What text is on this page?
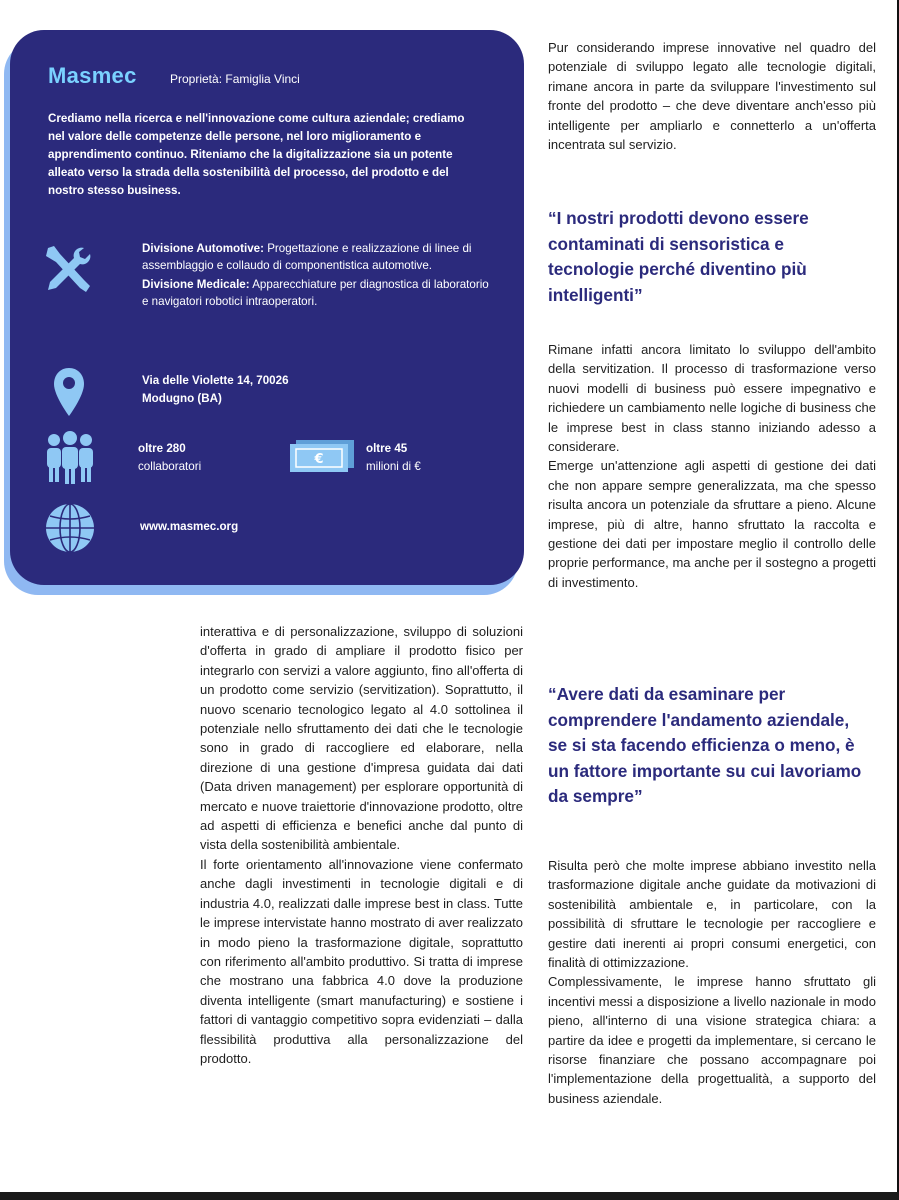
Masmec	Proprietà: Famiglia Vinci
Crediamo nella ricerca e nell'innovazione come cultura aziendale; crediamo nel valore delle competenze delle persone, nel loro miglioramento e apprendimento continuo. Riteniamo che la digitalizzazione sia un potente alleato verso la strada della sostenibilità del processo, del prodotto e del nostro stesso business.

Divisione Automotive: Progettazione e realizzazione di linee di assemblaggio e collaudo di componentistica automotive.

Divisione Medicale: Apparecchiature per diagnostica di laboratorio e navigatori robotici intraoperatori.

Via delle Violette 14, 70026
Modugno (BA)
oltre 280
collaboratori	€
oltre 45
milioni di €
www.masmec.org

interattiva e di personalizzazione, sviluppo di soluzioni d'offerta in grado di ampliare il prodotto fisico per integrarlo con servizi a valore aggiunto, fino all'offerta di un prodotto come servizio (servitization). Soprattutto, il nuovo scenario tecnologico legato al 4.0 sottolinea il potenziale nello sfruttamento dei dati che le tecnologie sono in grado di raccogliere ed elaborare, nella direzione di una gestione d'impresa guidata dai dati (Data driven management) per esplorare opportunità di mercato e nuove traiettorie d'innovazione prodotto, oltre ad aspetti di efficienza e benefici anche dal punto di vista della sostenibilità ambientale.

Il forte orientamento all'innovazione viene confermato anche dagli investimenti in tecnologie digitali e di industria 4.0, realizzati dalle imprese best in class. Tutte le imprese intervistate hanno mostrato di aver realizzato in modo pieno la trasformazione digitale, soprattutto con riferimento all'ambito produttivo. Si tratta di imprese che mostrano una fabbrica 4.0 dove la produzione diventa intelligente (smart manufacturing) e sostiene i fattori di vantaggio competitivo sopra evidenziati – dalla flessibilità produttiva alla personalizzazione del prodotto.

Pur considerando imprese innovative nel quadro del potenziale di sviluppo legato alle tecnologie digitali, rimane ancora in parte da sviluppare l'investimento sul fronte del prodotto – che deve diventare anch'esso più intelligente per ampliarlo e connetterlo a un'offerta incentrata sul servizio.

“I nostri prodotti devono essere contaminati di sensoristica e tecnologie perché diventino più intelligenti”

Rimane infatti ancora limitato lo sviluppo dell'ambito della servitization. Il processo di trasformazione verso nuovi modelli di business può essere impegnativo e richiedere un cambiamento nelle logiche di business che le imprese best in class stanno iniziando adesso a considerare.

Emerge un'attenzione agli aspetti di gestione dei dati che non appare sempre generalizzata, ma che spesso risulta ancora un potenziale da sfruttare a pieno. Alcune imprese, più di altre, hanno sfruttato la raccolta e gestione dei dati per impostare meglio il controllo delle proprie performance, ma anche per il sostegno a progetti di investimento.

“Avere dati da esaminare per comprendere l'andamento aziendale, se si sta facendo efficienza o meno, è un fattore importante su cui lavoriamo da sempre”

Risulta però che molte imprese abbiano investito nella trasformazione digitale anche guidate da motivazioni di sostenibilità ambientale e, in particolare, con la possibilità di sfruttare le tecnologie per raccogliere e gestire dati inerenti ai propri consumi energetici, con finalità di ottimizzazione.

Complessivamente, le imprese hanno sfruttato gli incentivi messi a disposizione a livello nazionale in modo pieno, all'interno di una visione strategica chiara: a partire da idee e progetti da implementare, si cercano le risorse finanziare che possano accompagnare poi l'implementazione della progettualità, a supporto del business aziendale.
